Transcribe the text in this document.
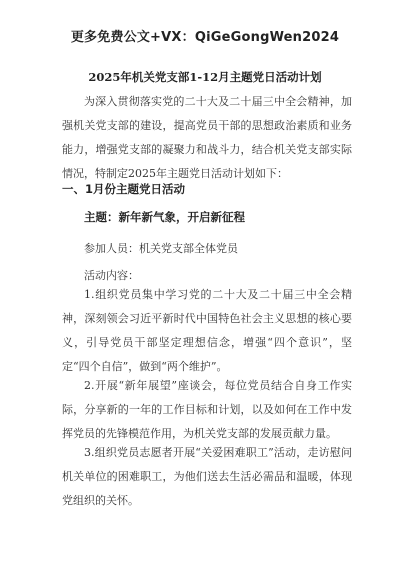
更多免费公文+VX：QiGeGongWen2024
2025年机关党支部1-12月主题党日活动计划
为深入贯彻落实党的二十大及二十届三中全会精神，加强机关党支部的建设，提高党员干部的思想政治素质和业务能力，增强党支部的凝聚力和战斗力，结合机关党支部实际情况，特制定2025年主题党日活动计划如下：
一、1月份主题党日活动
主题：新年新气象，开启新征程
参加人员：机关党支部全体党员
活动内容：
1.组织党员集中学习党的二十大及二十届三中全会精神，深刻领会习近平新时代中国特色社会主义思想的核心要义，引导党员干部坚定理想信念，增强“四个意识”，坚定“四个自信”，做到“两个维护”。
2.开展“新年展望”座谈会，每位党员结合自身工作实际，分享新的一年的工作目标和计划，以及如何在工作中发挥党员的先锋模范作用，为机关党支部的发展贡献力量。
3.组织党员志愿者开展“关爱困难职工”活动，走访慰问机关单位的困难职工，为他们送去生活必需品和温暖，体现党组织的关怀。
